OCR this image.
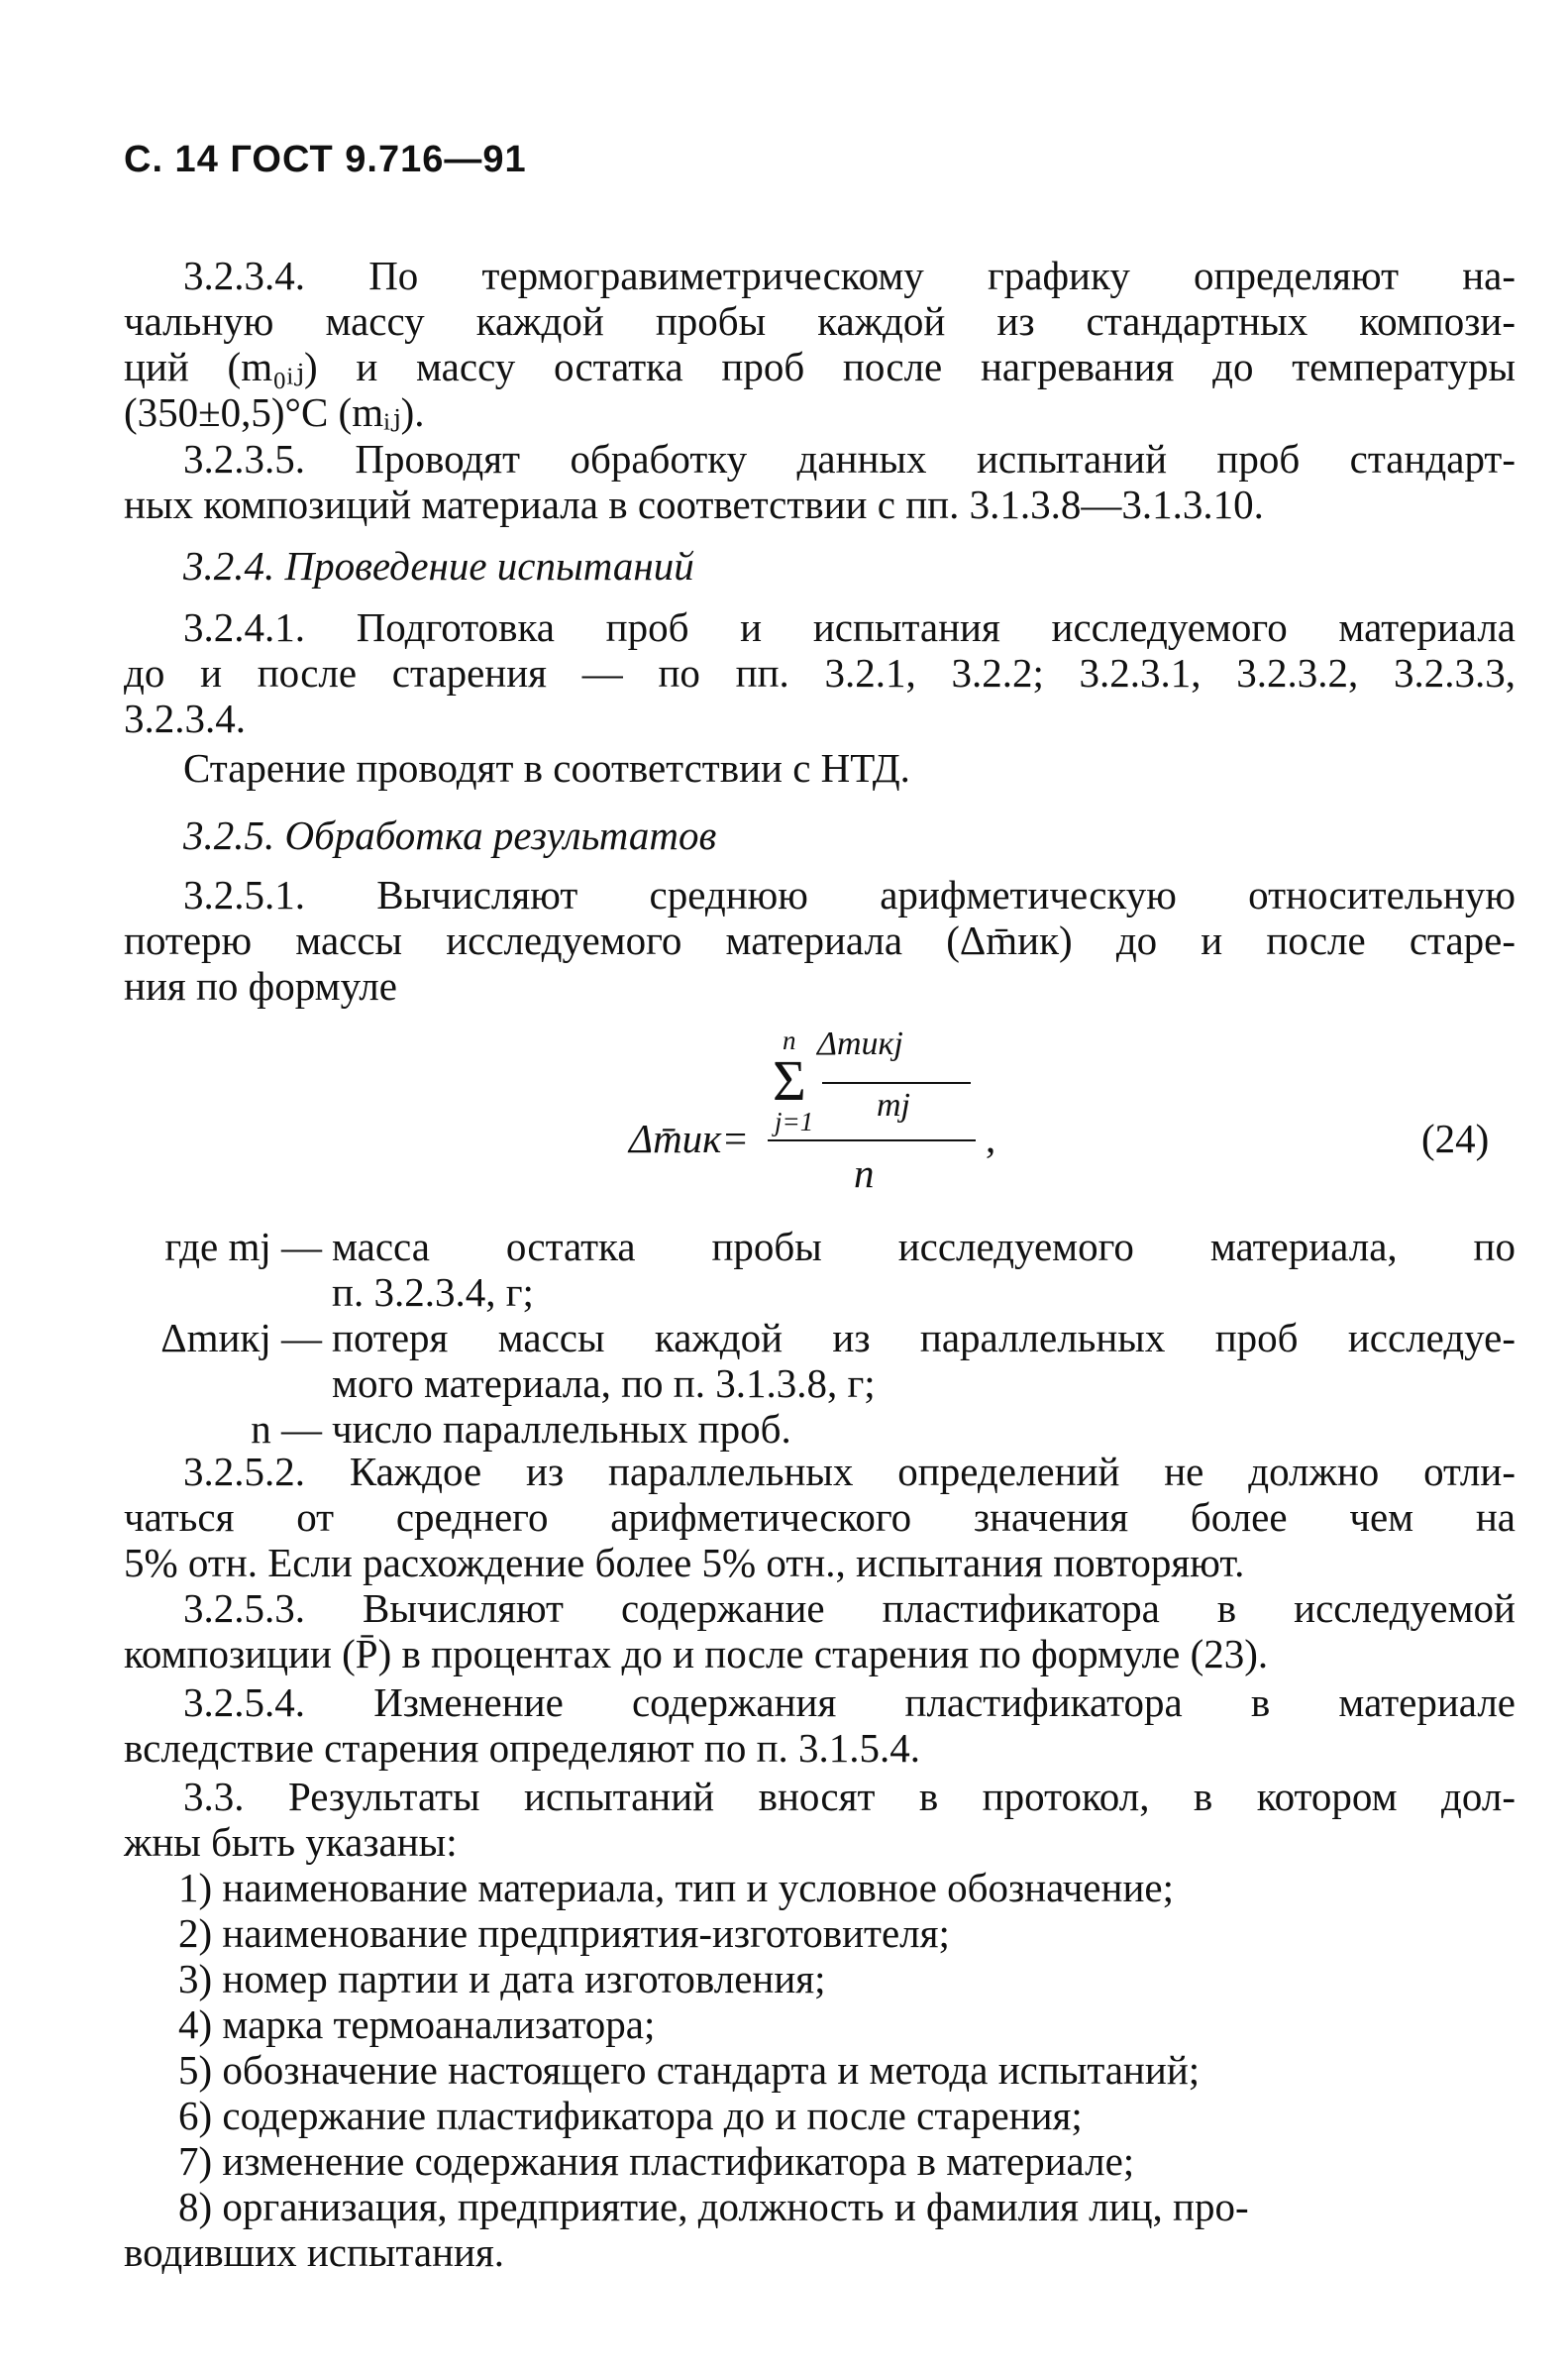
С. 14 ГОСТ 9.716—91
3.2.3.4. По термогравиметрическому графику определяют на-
чальную массу каждой пробы каждой из стандартных компози-
ций (m₀ᵢⱼ) и массу остатка проб после нагревания до температуры
(350±0,5)°С (mᵢⱼ).
3.2.3.5. Проводят обработку данных испытаний проб стандарт-
ных композиций материала в соответствии с пп. 3.1.3.8—3.1.3.10.
3.2.4. Проведение испытаний
3.2.4.1. Подготовка проб и испытания исследуемого материала
до и после старения — по пп. 3.2.1, 3.2.2; 3.2.3.1, 3.2.3.2, 3.2.3.3,
3.2.3.4.
Старение проводят в соответствии с НТД.
3.2.5. Обработка результатов
3.2.5.1. Вычисляют среднюю арифметическую относительную
потерю массы исследуемого материала (Δm̄ик) до и после старе-
ния по формуле
n Δmикj
Σ mj
Δm̄ик= j=1	,
n
(24)
где mj — масса остатка пробы исследуемого материала, по
п. 3.2.3.4, г;
Δmикj — потеря массы каждой из параллельных проб исследуе-
мого материала, по п. 3.1.3.8, г;
n — число параллельных проб.
3.2.5.2. Каждое из параллельных определений не должно отли-
чаться от среднего арифметического значения более чем на
5% отн. Если расхождение более 5% отн., испытания повторяют.
3.2.5.3. Вычисляют содержание пластификатора в исследуемой
композиции (P̄) в процентах до и после старения по формуле (23).
3.2.5.4. Изменение содержания пластификатора в материале
вследствие старения определяют по п. 3.1.5.4.
3.3. Результаты испытаний вносят в протокол, в котором дол-
жны быть указаны:
1) наименование материала, тип и условное обозначение;
2) наименование предприятия-изготовителя;
3) номер партии и дата изготовления;
4) марка термоанализатора;
5) обозначение настоящего стандарта и метода испытаний;
6) содержание пластификатора до и после старения;
7) изменение содержания пластификатора в материале;
8) организация, предприятие, должность и фамилия лиц, про-
водивших испытания.
